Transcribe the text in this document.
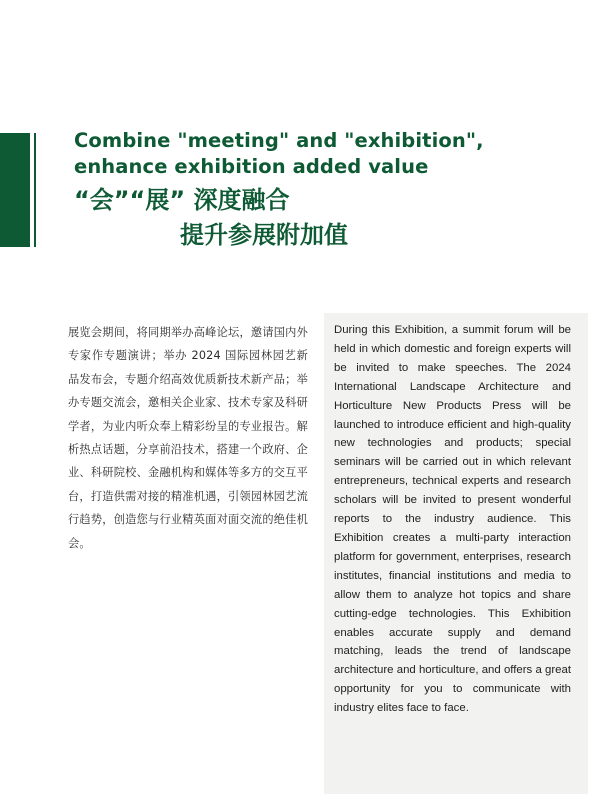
Combine "meeting" and "exhibition",
enhance exhibition added value
“会”“展” 深度融合
提升参展附加值

展览会期间，将同期举办高峰论坛，邀请国内外专家作专题演讲；举办 2024 国际园林园艺新品发布会，专题介绍高效优质新技术新产品；举办专题交流会，邀相关企业家、技术专家及科研学者，为业内听众奉上精彩纷呈的专业报告。解析热点话题，分享前沿技术，搭建一个政府、企业、科研院校、金融机构和媒体等多方的交互平台，打造供需对接的精准机遇，引领园林园艺流行趋势，创造您与行业精英面对面交流的绝佳机会。

During this Exhibition, a summit forum will be held in which domestic and foreign experts will be invited to make speeches. The 2024 International Landscape Architecture and Horticulture New Products Press will be launched to introduce efficient and high-quality new technologies and products; special seminars will be carried out in which relevant entrepreneurs, technical experts and research scholars will be invited to present wonderful reports to the industry audience. This Exhibition creates a multi-party interaction platform for government, enterprises, research institutes, financial institutions and media to allow them to analyze hot topics and share cutting-edge technologies. This Exhibition enables accurate supply and demand matching, leads the trend of landscape architecture and horticulture, and offers a great opportunity for you to communicate with industry elites face to face.
